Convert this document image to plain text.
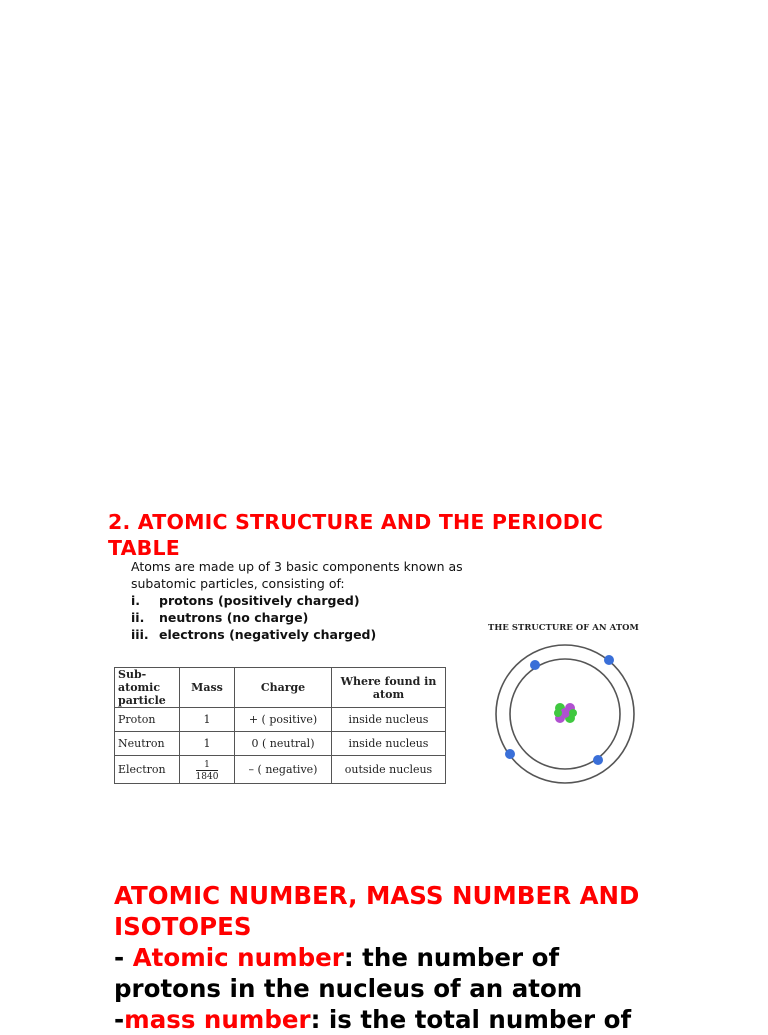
2. ATOMIC STRUCTURE AND THE PERIODIC TABLE

Atoms are made up of 3 basic components known as subatomic particles, consisting of:

i.	protons (positively charged)
ii.	neutrons (no charge)
iii. electrons (negatively charged)
Sub-atomic particle	Mass	Charge	Where found in atom
Proton	1	+ ( positive)	inside nucleus
Neutron	1	0 ( neutral)	inside nucleus
Electron	$\frac{1}{1840}$	– ( negative)	outside nucleus

THE STRUCTURE OF AN ATOM

ATOMIC NUMBER, MASS NUMBER AND ISOTOPES

- Atomic number: the number of
protons in the nucleus of an atom

-mass number: is the total number of
